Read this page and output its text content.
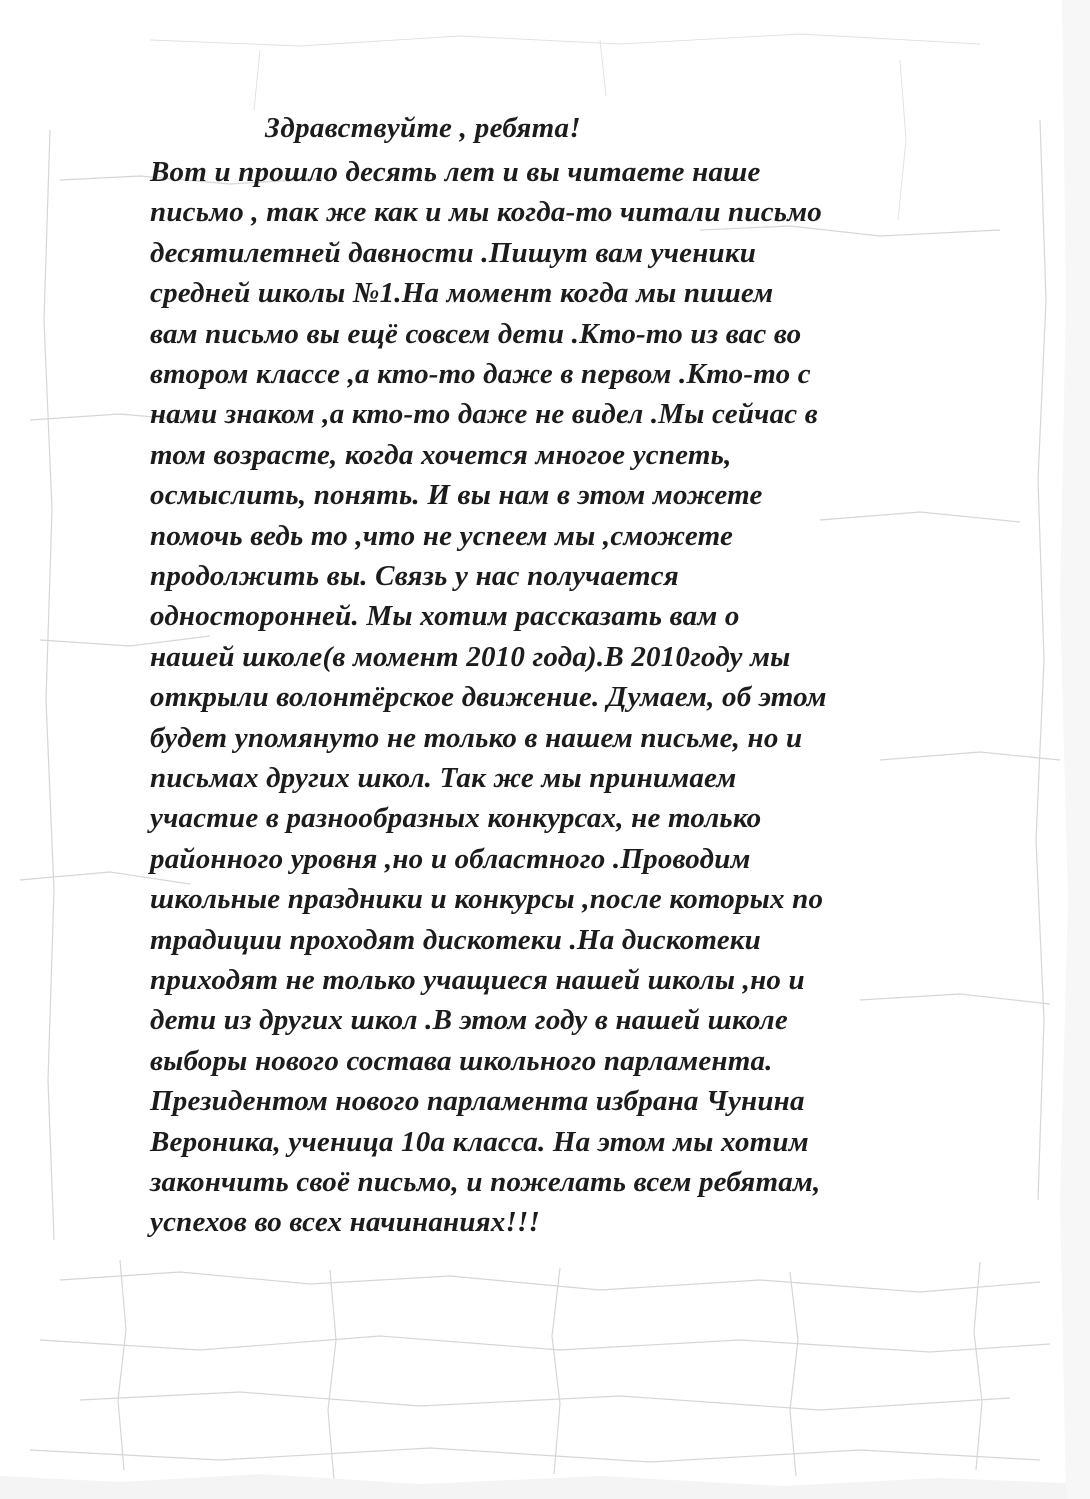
Здравствуйте , ребята!
Вот и прошло десять лет и вы читаете наше
письмо , так же как и мы когда-то читали письмо
десятилетней давности .Пишут вам ученики
средней школы №1.На момент когда мы пишем
вам письмо вы ещё совсем дети .Кто-то из вас во
втором классе ,а кто-то даже в первом .Кто-то с
нами знаком ,а кто-то даже не видел .Мы сейчас в
том возрасте, когда хочется многое успеть,
осмыслить, понять. И вы нам в этом можете
помочь ведь то ,что не успеем мы ,сможете
продолжить вы. Связь у нас получается
односторонней. Мы хотим рассказать вам о
нашей школе(в момент 2010 года).В 2010году мы
открыли волонтёрское движение. Думаем, об этом
будет упомянуто не только в нашем письме, но и
письмах других школ. Так же мы принимаем
участие в разнообразных конкурсах, не только
районного уровня ,но и областного .Проводим
школьные праздники и конкурсы ,после которых по
традиции проходят дискотеки .На дискотеки
приходят не только учащиеся нашей школы ,но и
дети из других школ .В этом году в нашей школе
выборы нового состава школьного парламента.
Президентом нового парламента избрана Чунина
Вероника, ученица 10а класса. На этом мы хотим
закончить своё письмо, и пожелать всем ребятам,
успехов во всех начинаниях!!!
